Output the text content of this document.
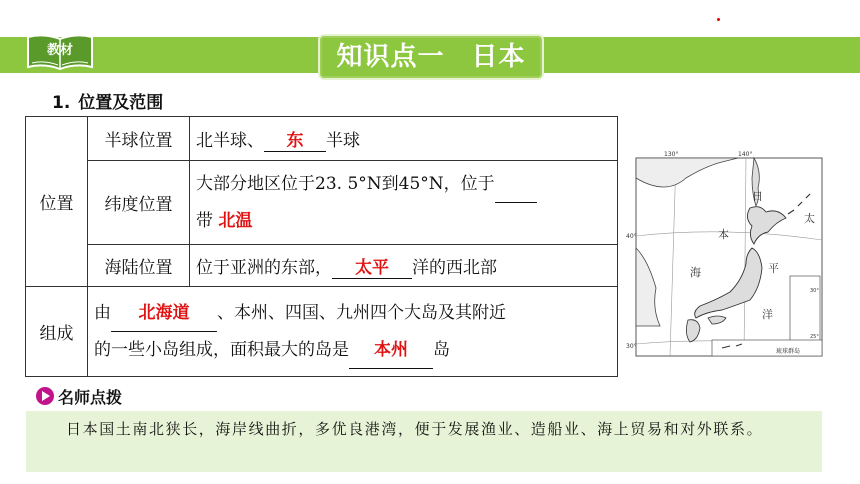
教材	知识点一　日本
1. 位置及范围
位置	半球位置	北半球、 东 半球
	纬度位置	大部分地区位于23. 5°N到45°N，位于
带 北温

	海陆位置	位于亚洲的东部， 太平 洋的西北部
组成	由 北海道 、本州、四国、九州四个大岛及其附近
的一些小岛组成，面积最大的岛是 本州 岛	
130°	140°
40°
30°
30°
25°
日
本
海
太
平
洋
琉球群岛
名师点拨
日本国土南北狭长，海岸线曲折，多优良港湾，便于发展渔业、造船业、海上贸易和对外联系。
